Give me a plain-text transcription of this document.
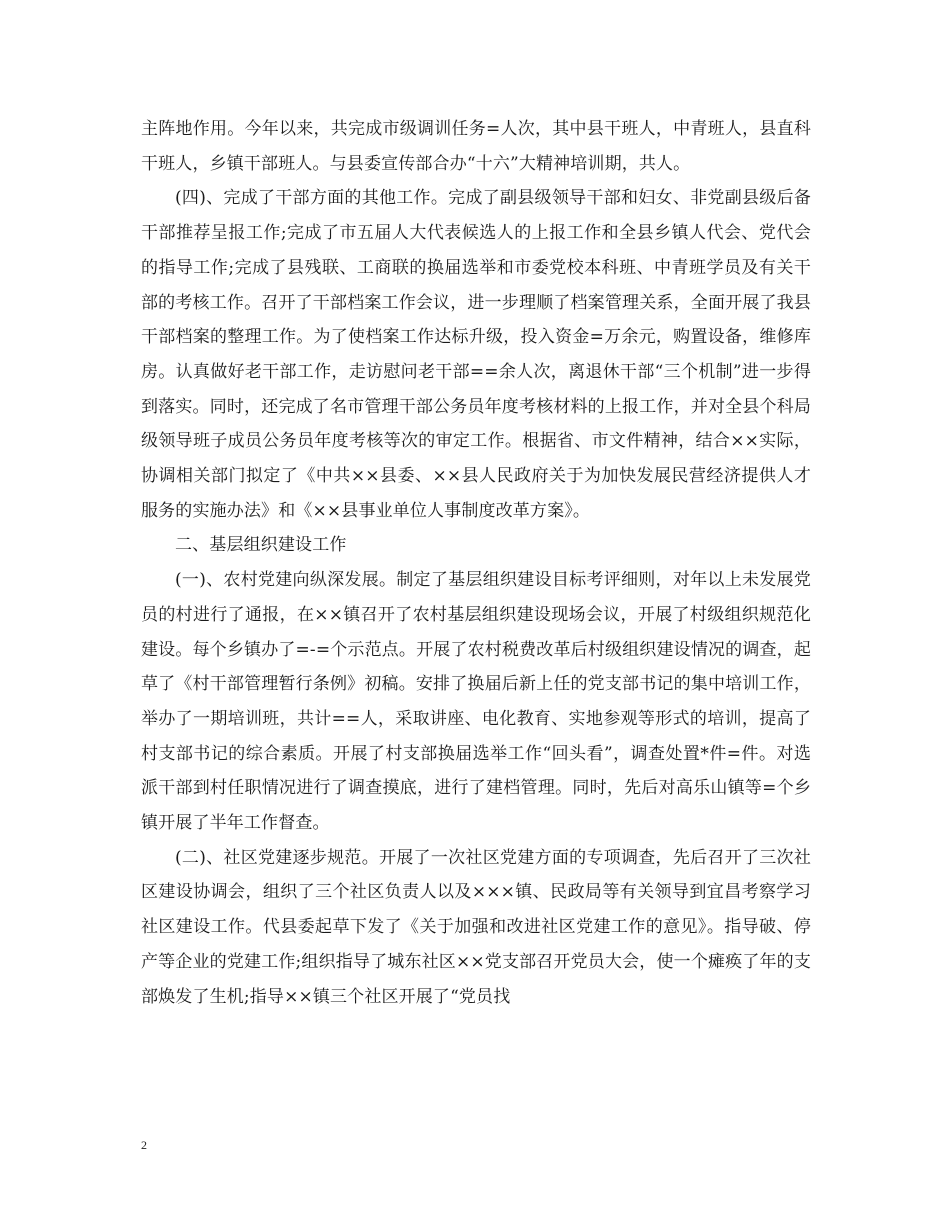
主阵地作用。今年以来，共完成市级调训任务=人次，其中县干班人，中青班人，县直科干班人，乡镇干部班人。与县委宣传部合办“十六”大精神培训期，共人。

(四)、完成了干部方面的其他工作。完成了副县级领导干部和妇女、非党副县级后备干部推荐呈报工作;完成了市五届人大代表候选人的上报工作和全县乡镇人代会、党代会的指导工作;完成了县残联、工商联的换届选举和市委党校本科班、中青班学员及有关干部的考核工作。召开了干部档案工作会议，进一步理顺了档案管理关系，全面开展了我县干部档案的整理工作。为了使档案工作达标升级，投入资金=万余元，购置设备，维修库房。认真做好老干部工作，走访慰问老干部==余人次，离退休干部“三个机制”进一步得到落实。同时，还完成了名市管理干部公务员年度考核材料的上报工作，并对全县个科局级领导班子成员公务员年度考核等次的审定工作。根据省、市文件精神，结合××实际，协调相关部门拟定了《中共××县委、××县人民政府关于为加快发展民营经济提供人才服务的实施办法》和《××县事业单位人事制度改革方案》。

二、基层组织建设工作

(一)、农村党建向纵深发展。制定了基层组织建设目标考评细则，对年以上未发展党员的村进行了通报，在××镇召开了农村基层组织建设现场会议，开展了村级组织规范化建设。每个乡镇办了=-=个示范点。开展了农村税费改革后村级组织建设情况的调查，起草了《村干部管理暂行条例》初稿。安排了换届后新上任的党支部书记的集中培训工作，举办了一期培训班，共计==人，采取讲座、电化教育、实地参观等形式的培训，提高了村支部书记的综合素质。开展了村支部换届选举工作“回头看”，调查处置*件=件。对选派干部到村任职情况进行了调查摸底，进行了建档管理。同时，先后对高乐山镇等=个乡镇开展了半年工作督查。

(二)、社区党建逐步规范。开展了一次社区党建方面的专项调查，先后召开了三次社区建设协调会，组织了三个社区负责人以及×××镇、民政局等有关领导到宜昌考察学习社区建设工作。代县委起草下发了《关于加强和改进社区党建工作的意见》。指导破、停产等企业的党建工作;组织指导了城东社区××党支部召开党员大会，使一个瘫痪了年的支部焕发了生机;指导××镇三个社区开展了“党员找

2
